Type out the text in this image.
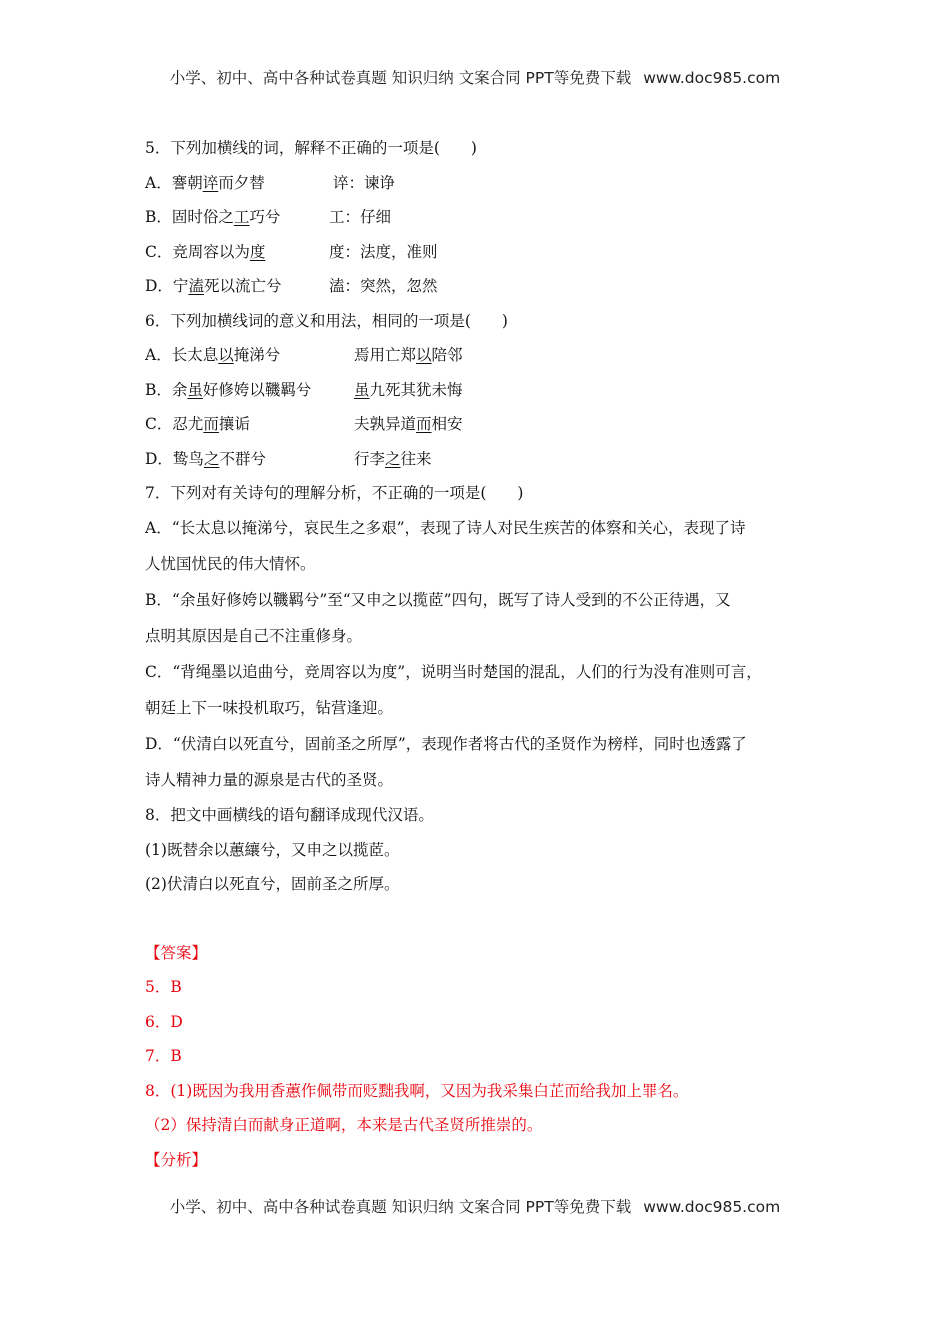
小学、初中、高中各种试卷真题 知识归纳 文案合同 PPT等免费下载 www.doc985.com
5．下列加横线的词，解释不正确的一项是(　　)
A．謇朝谇而夕替	谇：谏诤
B．固时俗之工巧兮	工：仔细
C．竞周容以为度	度：法度，准则
D．宁溘死以流亡兮	溘：突然，忽然
6．下列加横线词的意义和用法，相同的一项是(　　)
A．长太息以掩涕兮	焉用亡郑以陪邻
B．余虽好修姱以鞿羁兮	虽九死其犹未悔
C．忍尤而攘诟	夫孰异道而相安
D．鸷鸟之不群兮	行李之往来
7．下列对有关诗句的理解分析，不正确的一项是(　　)
A．“长太息以掩涕兮，哀民生之多艰”，表现了诗人对民生疾苦的体察和关心，表现了诗
人忧国忧民的伟大情怀。
B．“余虽好修姱以鞿羁兮”至“又申之以揽茝”四句，既写了诗人受到的不公正待遇，又
点明其原因是自己不注重修身。
C．“背绳墨以追曲兮，竞周容以为度”，说明当时楚国的混乱，人们的行为没有准则可言，
朝廷上下一味投机取巧，钻营逢迎。
D．“伏清白以死直兮，固前圣之所厚”，表现作者将古代的圣贤作为榜样，同时也透露了
诗人精神力量的源泉是古代的圣贤。
8．把文中画横线的语句翻译成现代汉语。
(1)既替余以蕙纕兮，又申之以揽茝。
(2)伏清白以死直兮，固前圣之所厚。
【答案】
5．B
6．D
7．B
8．(1)既因为我用香蕙作佩带而贬黜我啊，又因为我采集白芷而给我加上罪名。
（2）保持清白而献身正道啊，本来是古代圣贤所推崇的。
【分析】
小学、初中、高中各种试卷真题 知识归纳 文案合同 PPT等免费下载 www.doc985.com
